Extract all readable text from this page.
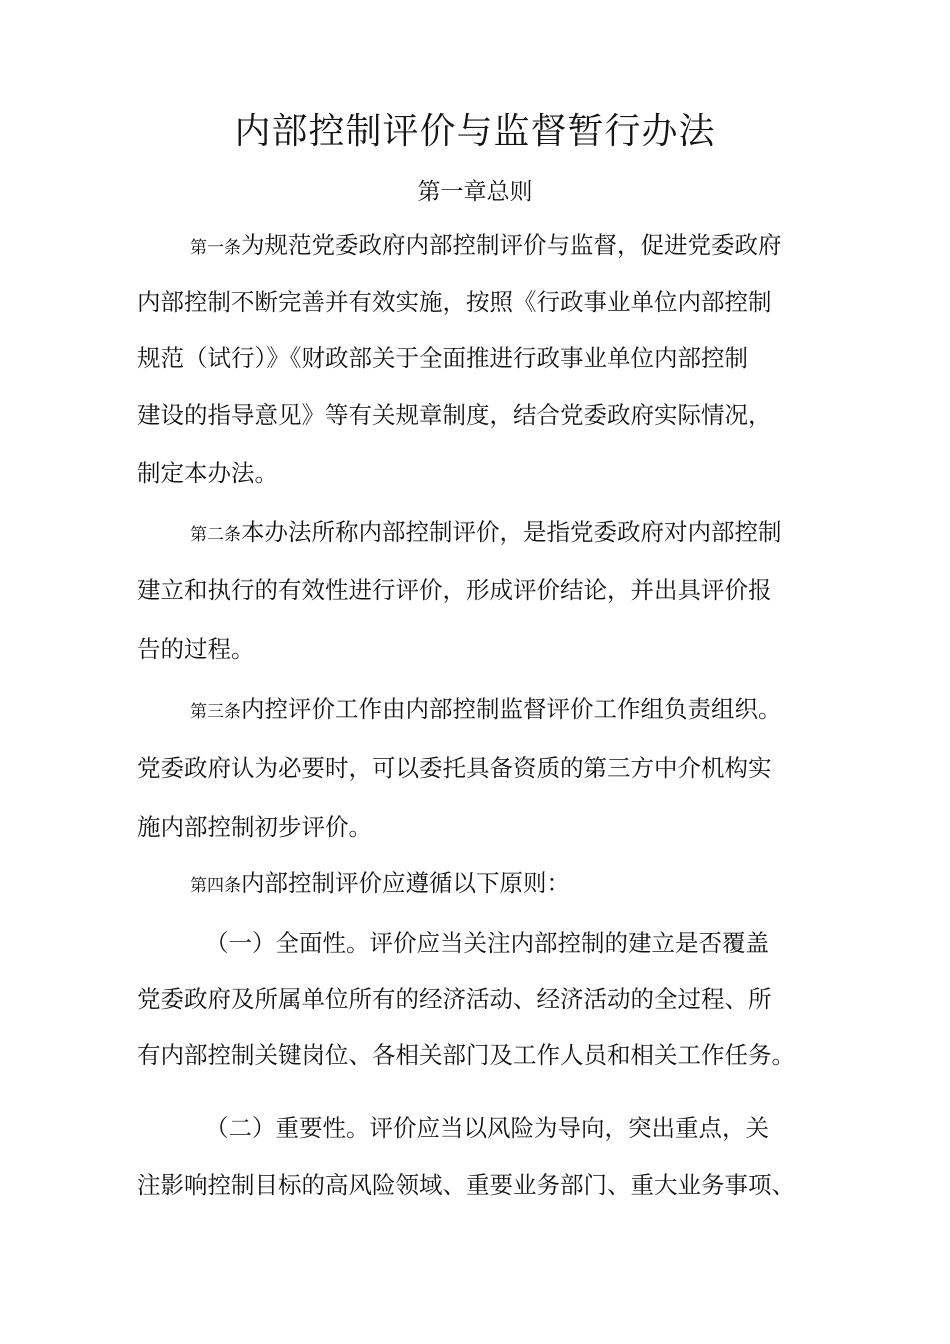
内部控制评价与监督暂行办法
第一章总则

第一条为规范党委政府内部控制评价与监督，促进党委政府

内部控制不断完善并有效实施，按照《行政事业单位内部控制

规范（试行）》《财政部关于全面推进行政事业单位内部控制

建设的指导意见》等有关规章制度，结合党委政府实际情况，

制定本办法。

第二条本办法所称内部控制评价，是指党委政府对内部控制

建立和执行的有效性进行评价，形成评价结论，并出具评价报

告的过程。

第三条内控评价工作由内部控制监督评价工作组负责组织。

党委政府认为必要时，可以委托具备资质的第三方中介机构实

施内部控制初步评价。

第四条内部控制评价应遵循以下原则：

（一）全面性。评价应当关注内部控制的建立是否覆盖

党委政府及所属单位所有的经济活动、经济活动的全过程、所

有内部控制关键岗位、各相关部门及工作人员和相关工作任务。

（二）重要性。评价应当以风险为导向，突出重点，关

注影响控制目标的高风险领域、重要业务部门、重大业务事项、
